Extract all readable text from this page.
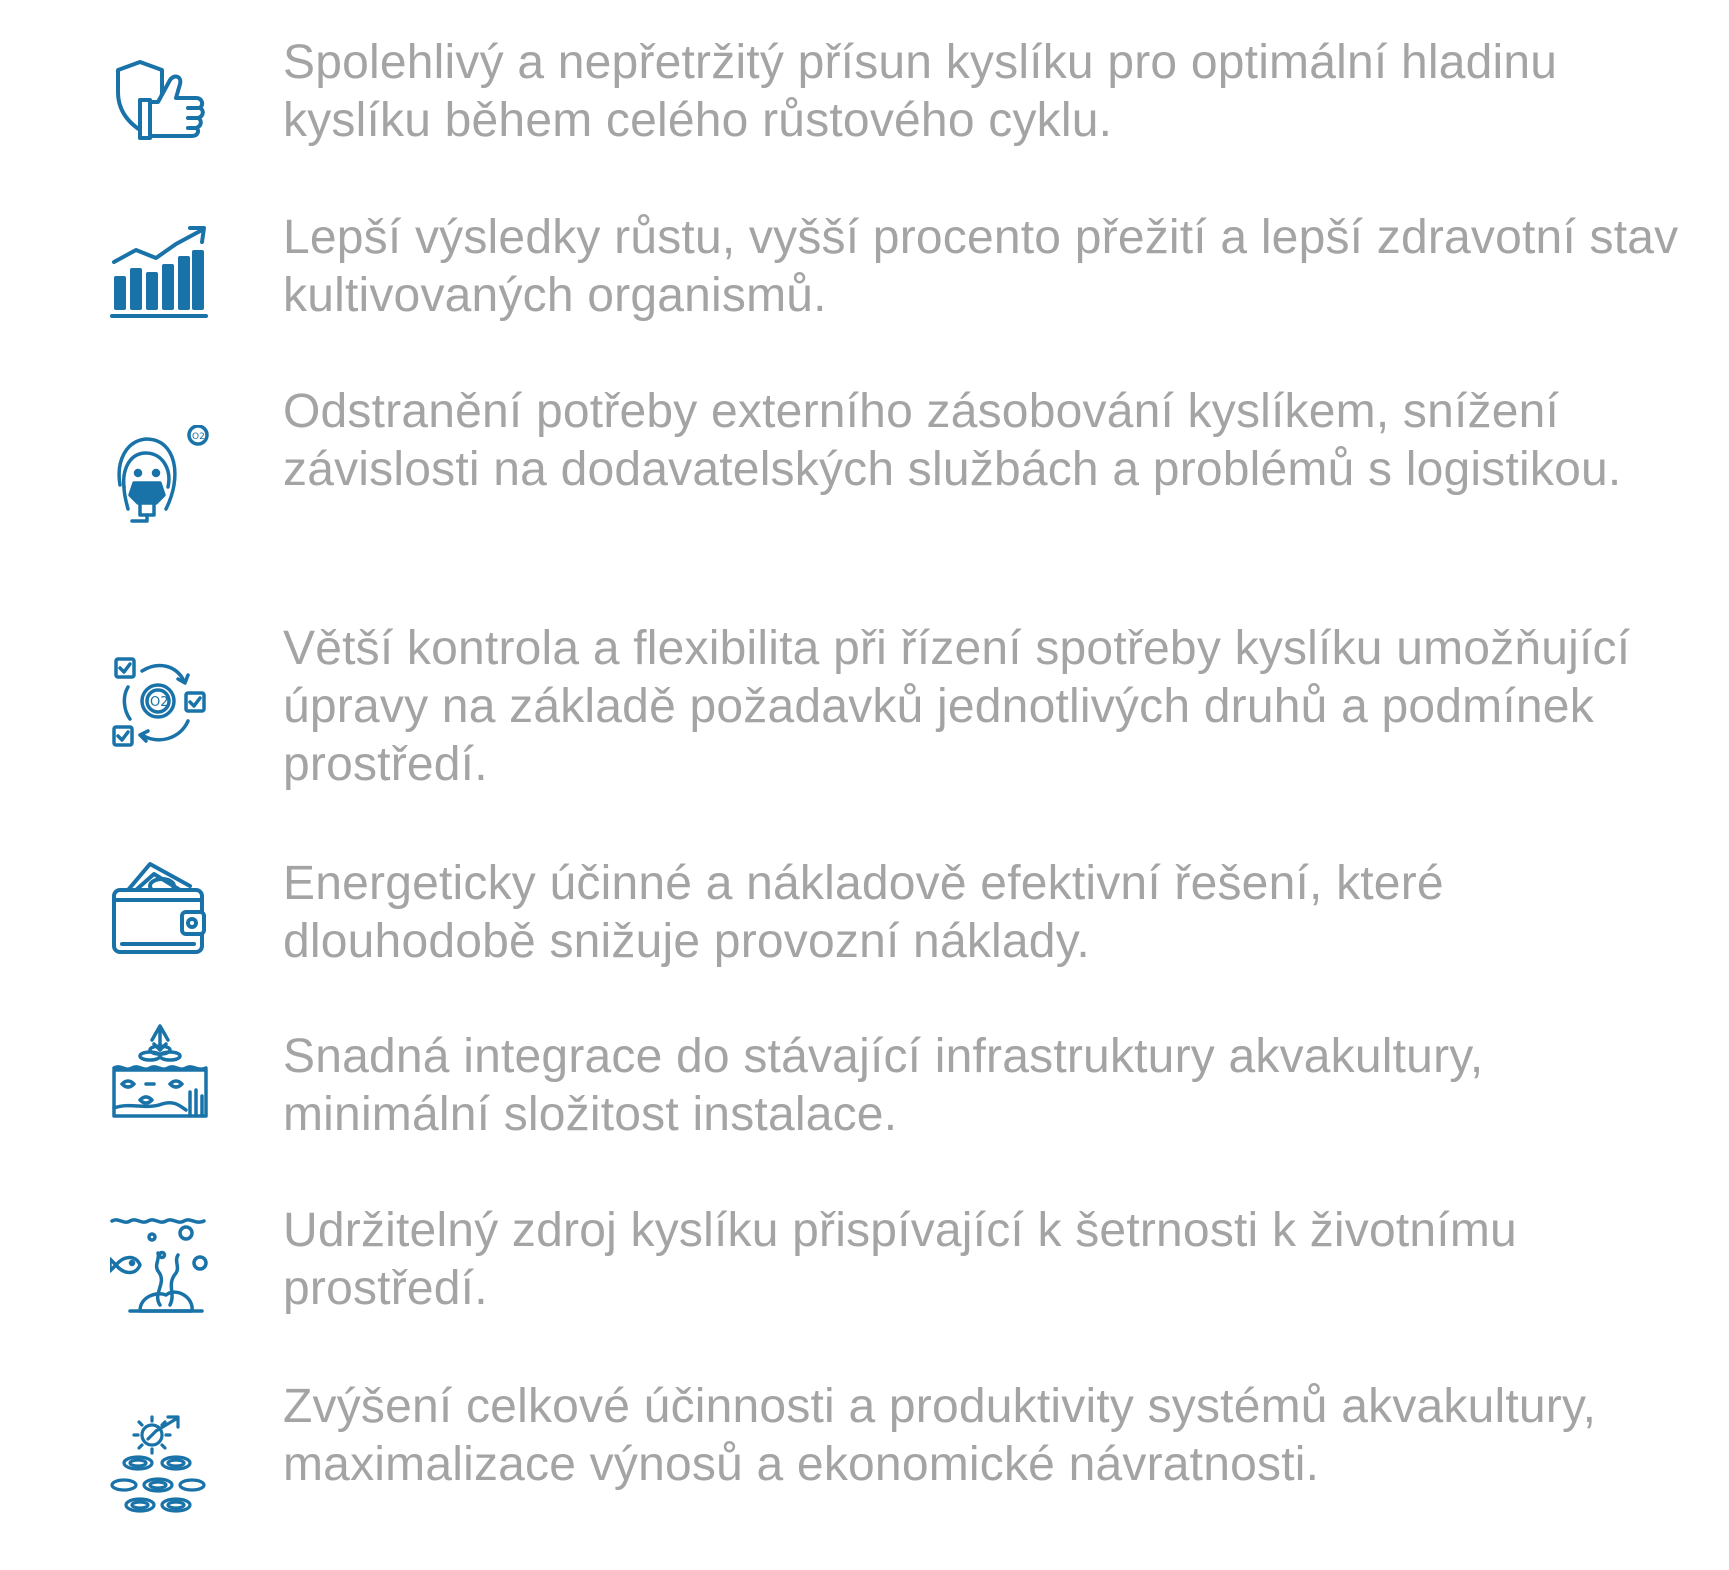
Spolehlivý a nepřetržitý přísun kyslíku pro optimální hladinu kyslíku během celého růstového cyklu.

Lepší výsledky růstu, vyšší procento přežití a lepší zdravotní stav kultivovaných organismů.

O2 Odstranění potřeby externího zásobování kyslíkem, snížení závislosti na dodavatelských službách a problémů s logistikou.

O2

Větší kontrola a flexibilita při řízení spotřeby kyslíku umožňující úpravy na základě požadavků jednotlivých druhů a podmínek prostředí.

Energeticky účinné a nákladově efektivní řešení, které dlouhodobě snižuje provozní náklady.

Snadná integrace do stávající infrastruktury akvakultury, minimální složitost instalace.

Udržitelný zdroj kyslíku přispívající k šetrnosti k životnímu prostředí.

Zvýšení celkové účinnosti a produktivity systémů akvakultury, maximalizace výnosů a ekonomické návratnosti.
